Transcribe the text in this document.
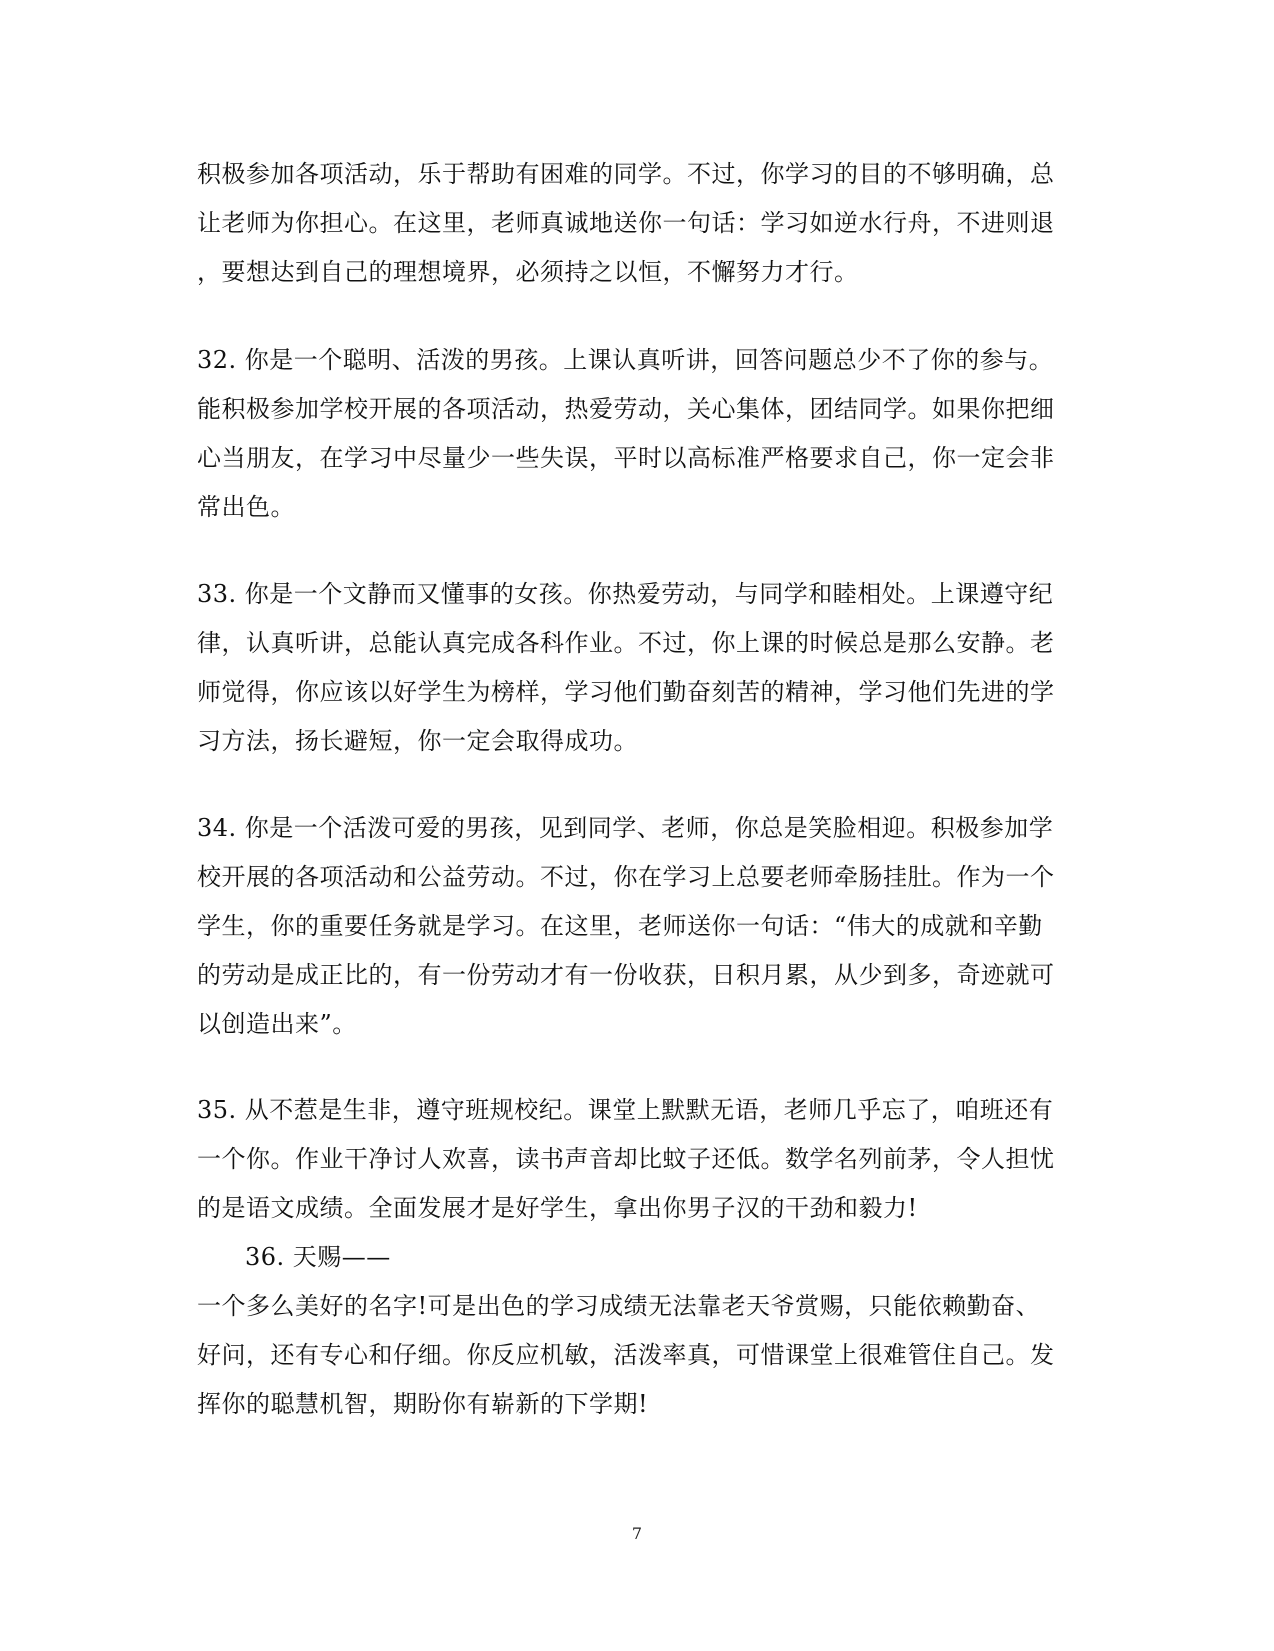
积极参加各项活动，乐于帮助有困难的同学。不过，你学习的目的不够明确，总
让老师为你担心。在这里，老师真诚地送你一句话：学习如逆水行舟，不进则退
，要想达到自己的理想境界，必须持之以恒，不懈努力才行。
32. 你是一个聪明、活泼的男孩。上课认真听讲，回答问题总少不了你的参与。
能积极参加学校开展的各项活动，热爱劳动，关心集体，团结同学。如果你把细
心当朋友，在学习中尽量少一些失误，平时以高标准严格要求自己，你一定会非
常出色。
33. 你是一个文静而又懂事的女孩。你热爱劳动，与同学和睦相处。上课遵守纪
律，认真听讲，总能认真完成各科作业。不过，你上课的时候总是那么安静。老
师觉得，你应该以好学生为榜样，学习他们勤奋刻苦的精神，学习他们先进的学
习方法，扬长避短，你一定会取得成功。
34. 你是一个活泼可爱的男孩，见到同学、老师，你总是笑脸相迎。积极参加学
校开展的各项活动和公益劳动。不过，你在学习上总要老师牵肠挂肚。作为一个
学生，你的重要任务就是学习。在这里，老师送你一句话：“伟大的成就和辛勤
的劳动是成正比的，有一份劳动才有一份收获，日积月累，从少到多，奇迹就可
以创造出来”。
35. 从不惹是生非，遵守班规校纪。课堂上默默无语，老师几乎忘了，咱班还有
一个你。作业干净讨人欢喜，读书声音却比蚊子还低。数学名列前茅，令人担忧
的是语文成绩。全面发展才是好学生，拿出你男子汉的干劲和毅力!
36. 天赐——
一个多么美好的名字!可是出色的学习成绩无法靠老天爷赏赐，只能依赖勤奋、
好问，还有专心和仔细。你反应机敏，活泼率真，可惜课堂上很难管住自己。发
挥你的聪慧机智，期盼你有崭新的下学期!
7
